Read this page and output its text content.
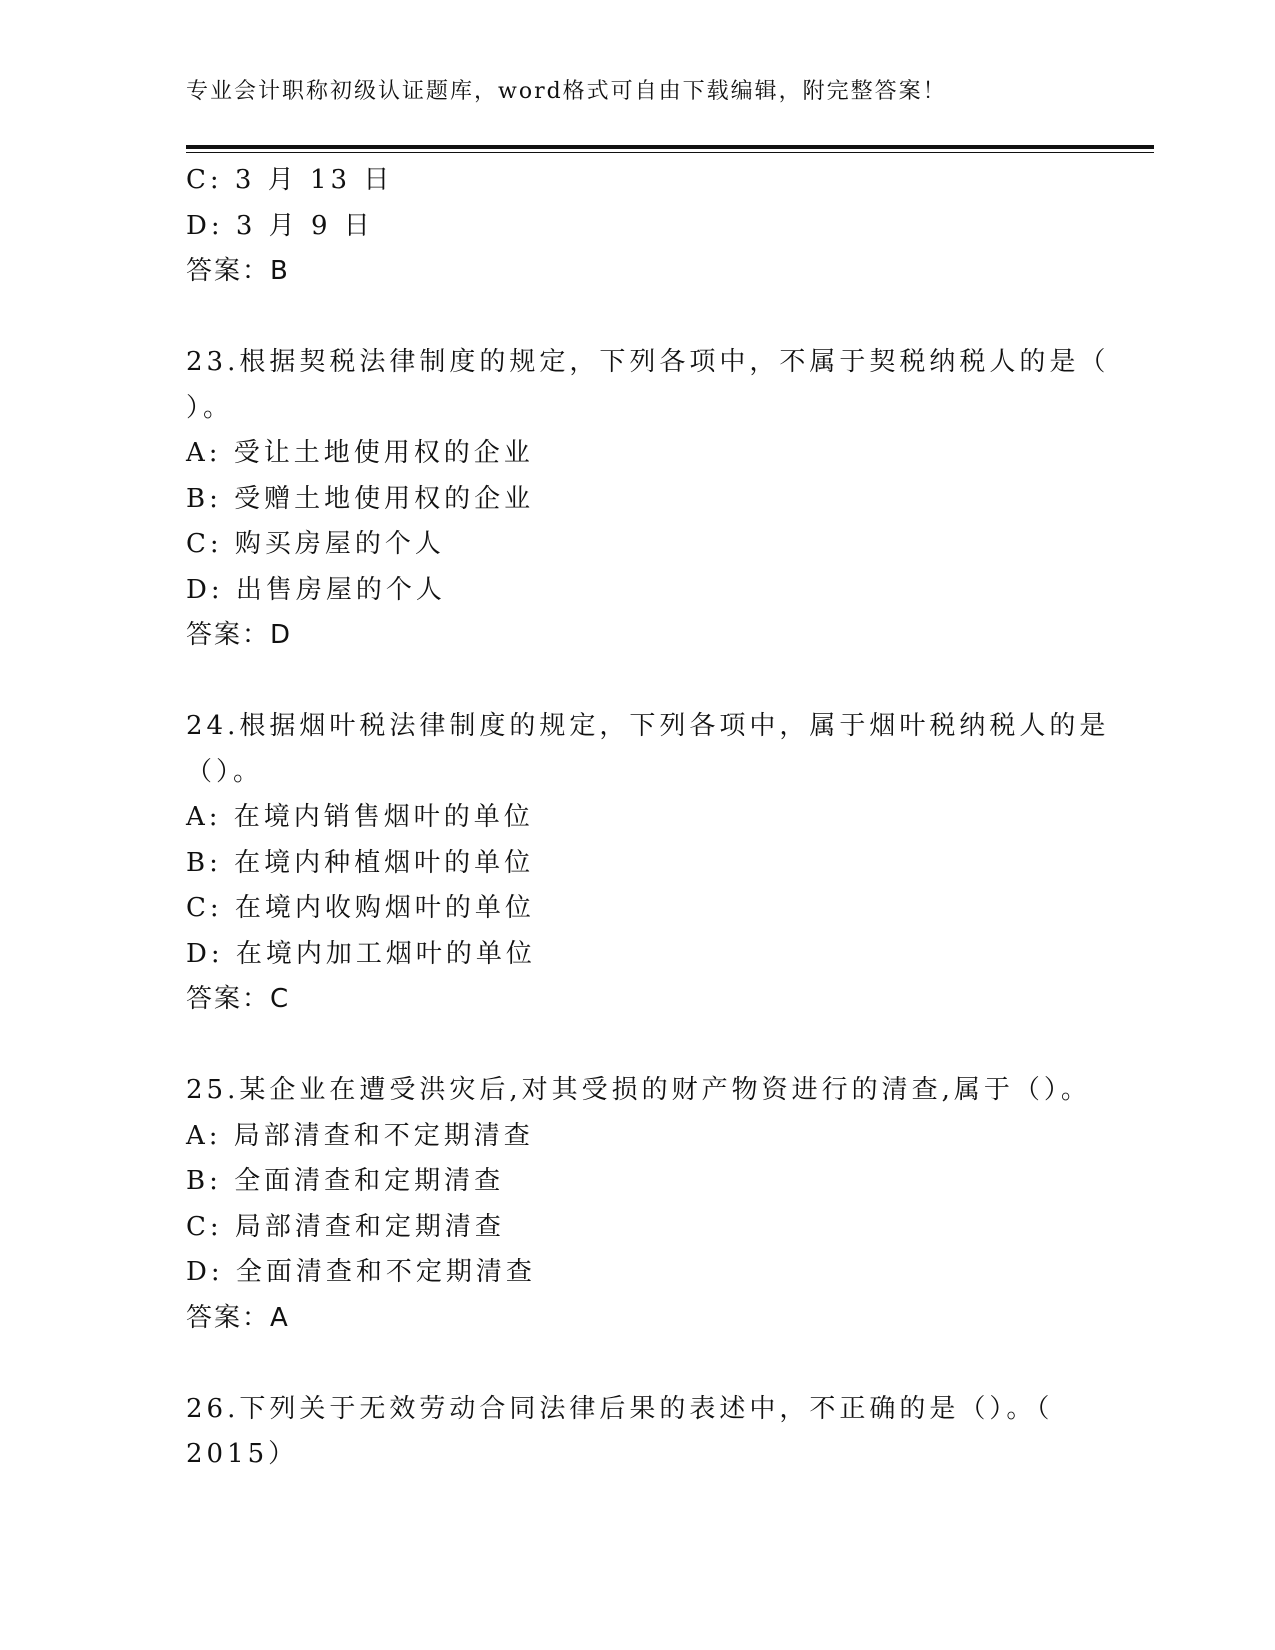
专业会计职称初级认证题库，word格式可自由下载编辑，附完整答案！
C: 3 月 13 日
D: 3 月 9 日
答案：B
23.根据契税法律制度的规定，下列各项中，不属于契税纳税人的是（
）。
A: 受让土地使用权的企业
B: 受赠土地使用权的企业
C: 购买房屋的个人
D: 出售房屋的个人
答案：D
24.根据烟叶税法律制度的规定，下列各项中，属于烟叶税纳税人的是
（）。
A: 在境内销售烟叶的单位
B: 在境内种植烟叶的单位
C: 在境内收购烟叶的单位
D: 在境内加工烟叶的单位
答案：C
25.某企业在遭受洪灾后,对其受损的财产物资进行的清查,属于（）。
A: 局部清查和不定期清查
B: 全面清查和定期清查
C: 局部清查和定期清查
D: 全面清查和不定期清查
答案：A
26.下列关于无效劳动合同法律后果的表述中，不正确的是（）。（
2015）
